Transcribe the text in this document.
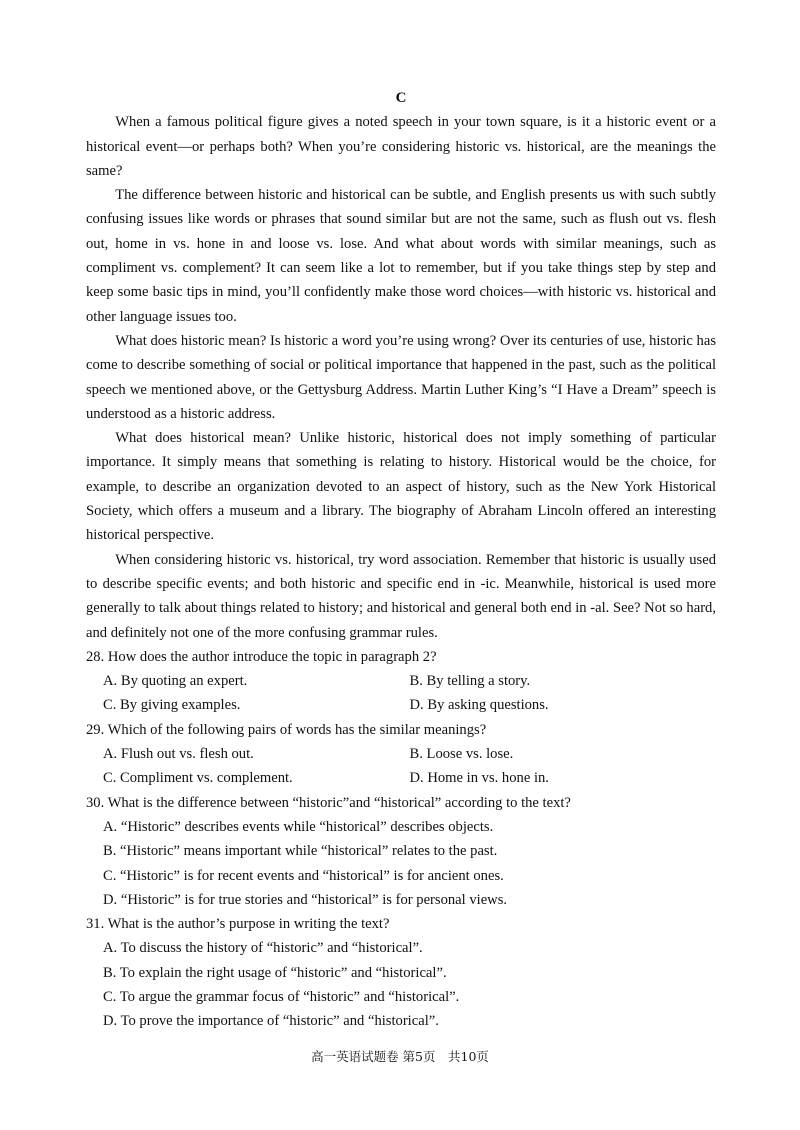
C

When a famous political figure gives a noted speech in your town square, is it a historic event or a historical event—or perhaps both? When you’re considering historic vs. historical, are the meanings the same?

The difference between historic and historical can be subtle, and English presents us with such subtly confusing issues like words or phrases that sound similar but are not the same, such as flush out vs. flesh out, home in vs. hone in and loose vs. lose. And what about words with similar meanings, such as compliment vs. complement? It can seem like a lot to remember, but if you take things step by step and keep some basic tips in mind, you’ll confidently make those word choices—with historic vs. historical and other language issues too.

What does historic mean? Is historic a word you’re using wrong? Over its centuries of use, historic has come to describe something of social or political importance that happened in the past, such as the political speech we mentioned above, or the Gettysburg Address. Martin Luther King’s “I Have a Dream” speech is understood as a historic address.

What does historical mean? Unlike historic, historical does not imply something of particular importance. It simply means that something is relating to history. Historical would be the choice, for example, to describe an organization devoted to an aspect of history, such as the New York Historical Society, which offers a museum and a library. The biography of Abraham Lincoln offered an interesting historical perspective.

When considering historic vs. historical, try word association. Remember that historic is usually used to describe specific events; and both historic and specific end in -ic. Meanwhile, historical is used more generally to talk about things related to history; and historical and general both end in -al. See? Not so hard, and definitely not one of the more confusing grammar rules.

28. How does the author introduce the topic in paragraph 2?

A. By quoting an expert.	B. By telling a story.
C. By giving examples.	D. By asking questions.

29. Which of the following pairs of words has the similar meanings?

A. Flush out vs. flesh out.	B. Loose vs. lose.
C. Compliment vs. complement.	D. Home in vs. hone in.

30. What is the difference between “historic”and “historical” according to the text?

A. “Historic” describes events while “historical” describes objects.
B. “Historic” means important while “historical” relates to the past.
C. “Historic” is for recent events and “historical” is for ancient ones.
D. “Historic” is for true stories and “historical” is for personal views.

31. What is the author’s purpose in writing the text?

A. To discuss the history of “historic” and “historical”.
B. To explain the right usage of “historic” and “historical”.
C. To argue the grammar focus of “historic” and “historical”.
D. To prove the importance of “historic” and “historical”.
高一英语试题卷 第5页　共10页
